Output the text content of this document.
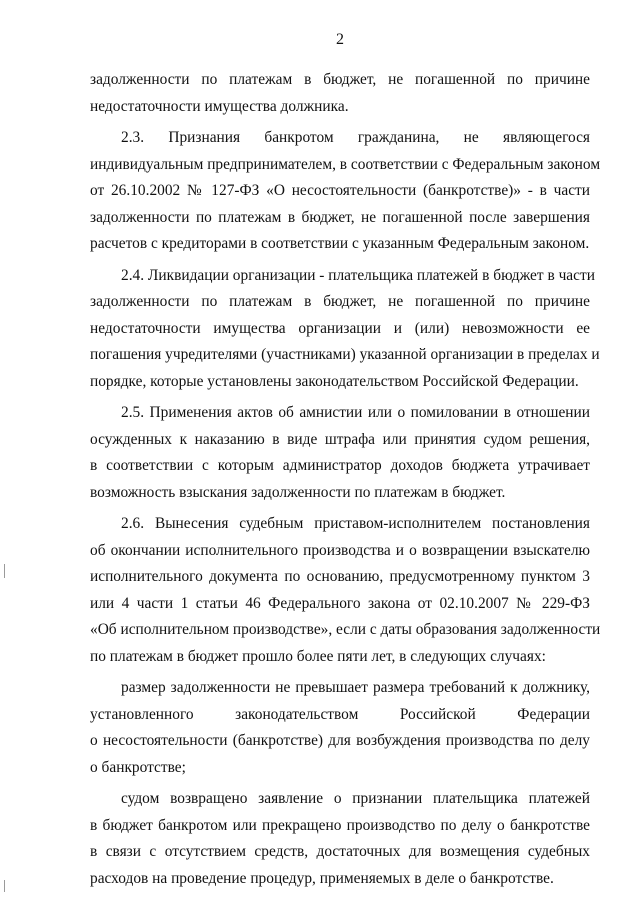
2
задолженности по платежам в бюджет, не погашенной по причине
недостаточности имущества должника.
2.3. Признания банкротом гражданина, не являющегося
индивидуальным предпринимателем, в соответствии с Федеральным законом
от 26.10.2002 № 127-ФЗ «О несостоятельности (банкротстве)» - в части
задолженности по платежам в бюджет, не погашенной после завершения
расчетов с кредиторами в соответствии с указанным Федеральным законом.
2.4. Ликвидации организации - плательщика платежей в бюджет в части
задолженности по платежам в бюджет, не погашенной по причине
недостаточности имущества организации и (или) невозможности ее
погашения учредителями (участниками) указанной организации в пределах и
порядке, которые установлены законодательством Российской Федерации.
2.5. Применения актов об амнистии или о помиловании в отношении
осужденных к наказанию в виде штрафа или принятия судом решения,
в соответствии с которым администратор доходов бюджета утрачивает
возможность взыскания задолженности по платежам в бюджет.
2.6. Вынесения судебным приставом-исполнителем постановления
об окончании исполнительного производства и о возвращении взыскателю
исполнительного документа по основанию, предусмотренному пунктом 3
или 4 части 1 статьи 46 Федерального закона от 02.10.2007 № 229-ФЗ
«Об исполнительном производстве», если с даты образования задолженности
по платежам в бюджет прошло более пяти лет, в следующих случаях:
размер задолженности не превышает размера требований к должнику,
установленного законодательством Российской Федерации
о несостоятельности (банкротстве) для возбуждения производства по делу
о банкротстве;
судом возвращено заявление о признании плательщика платежей
в бюджет банкротом или прекращено производство по делу о банкротстве
в связи с отсутствием средств, достаточных для возмещения судебных
расходов на проведение процедур, применяемых в деле о банкротстве.
